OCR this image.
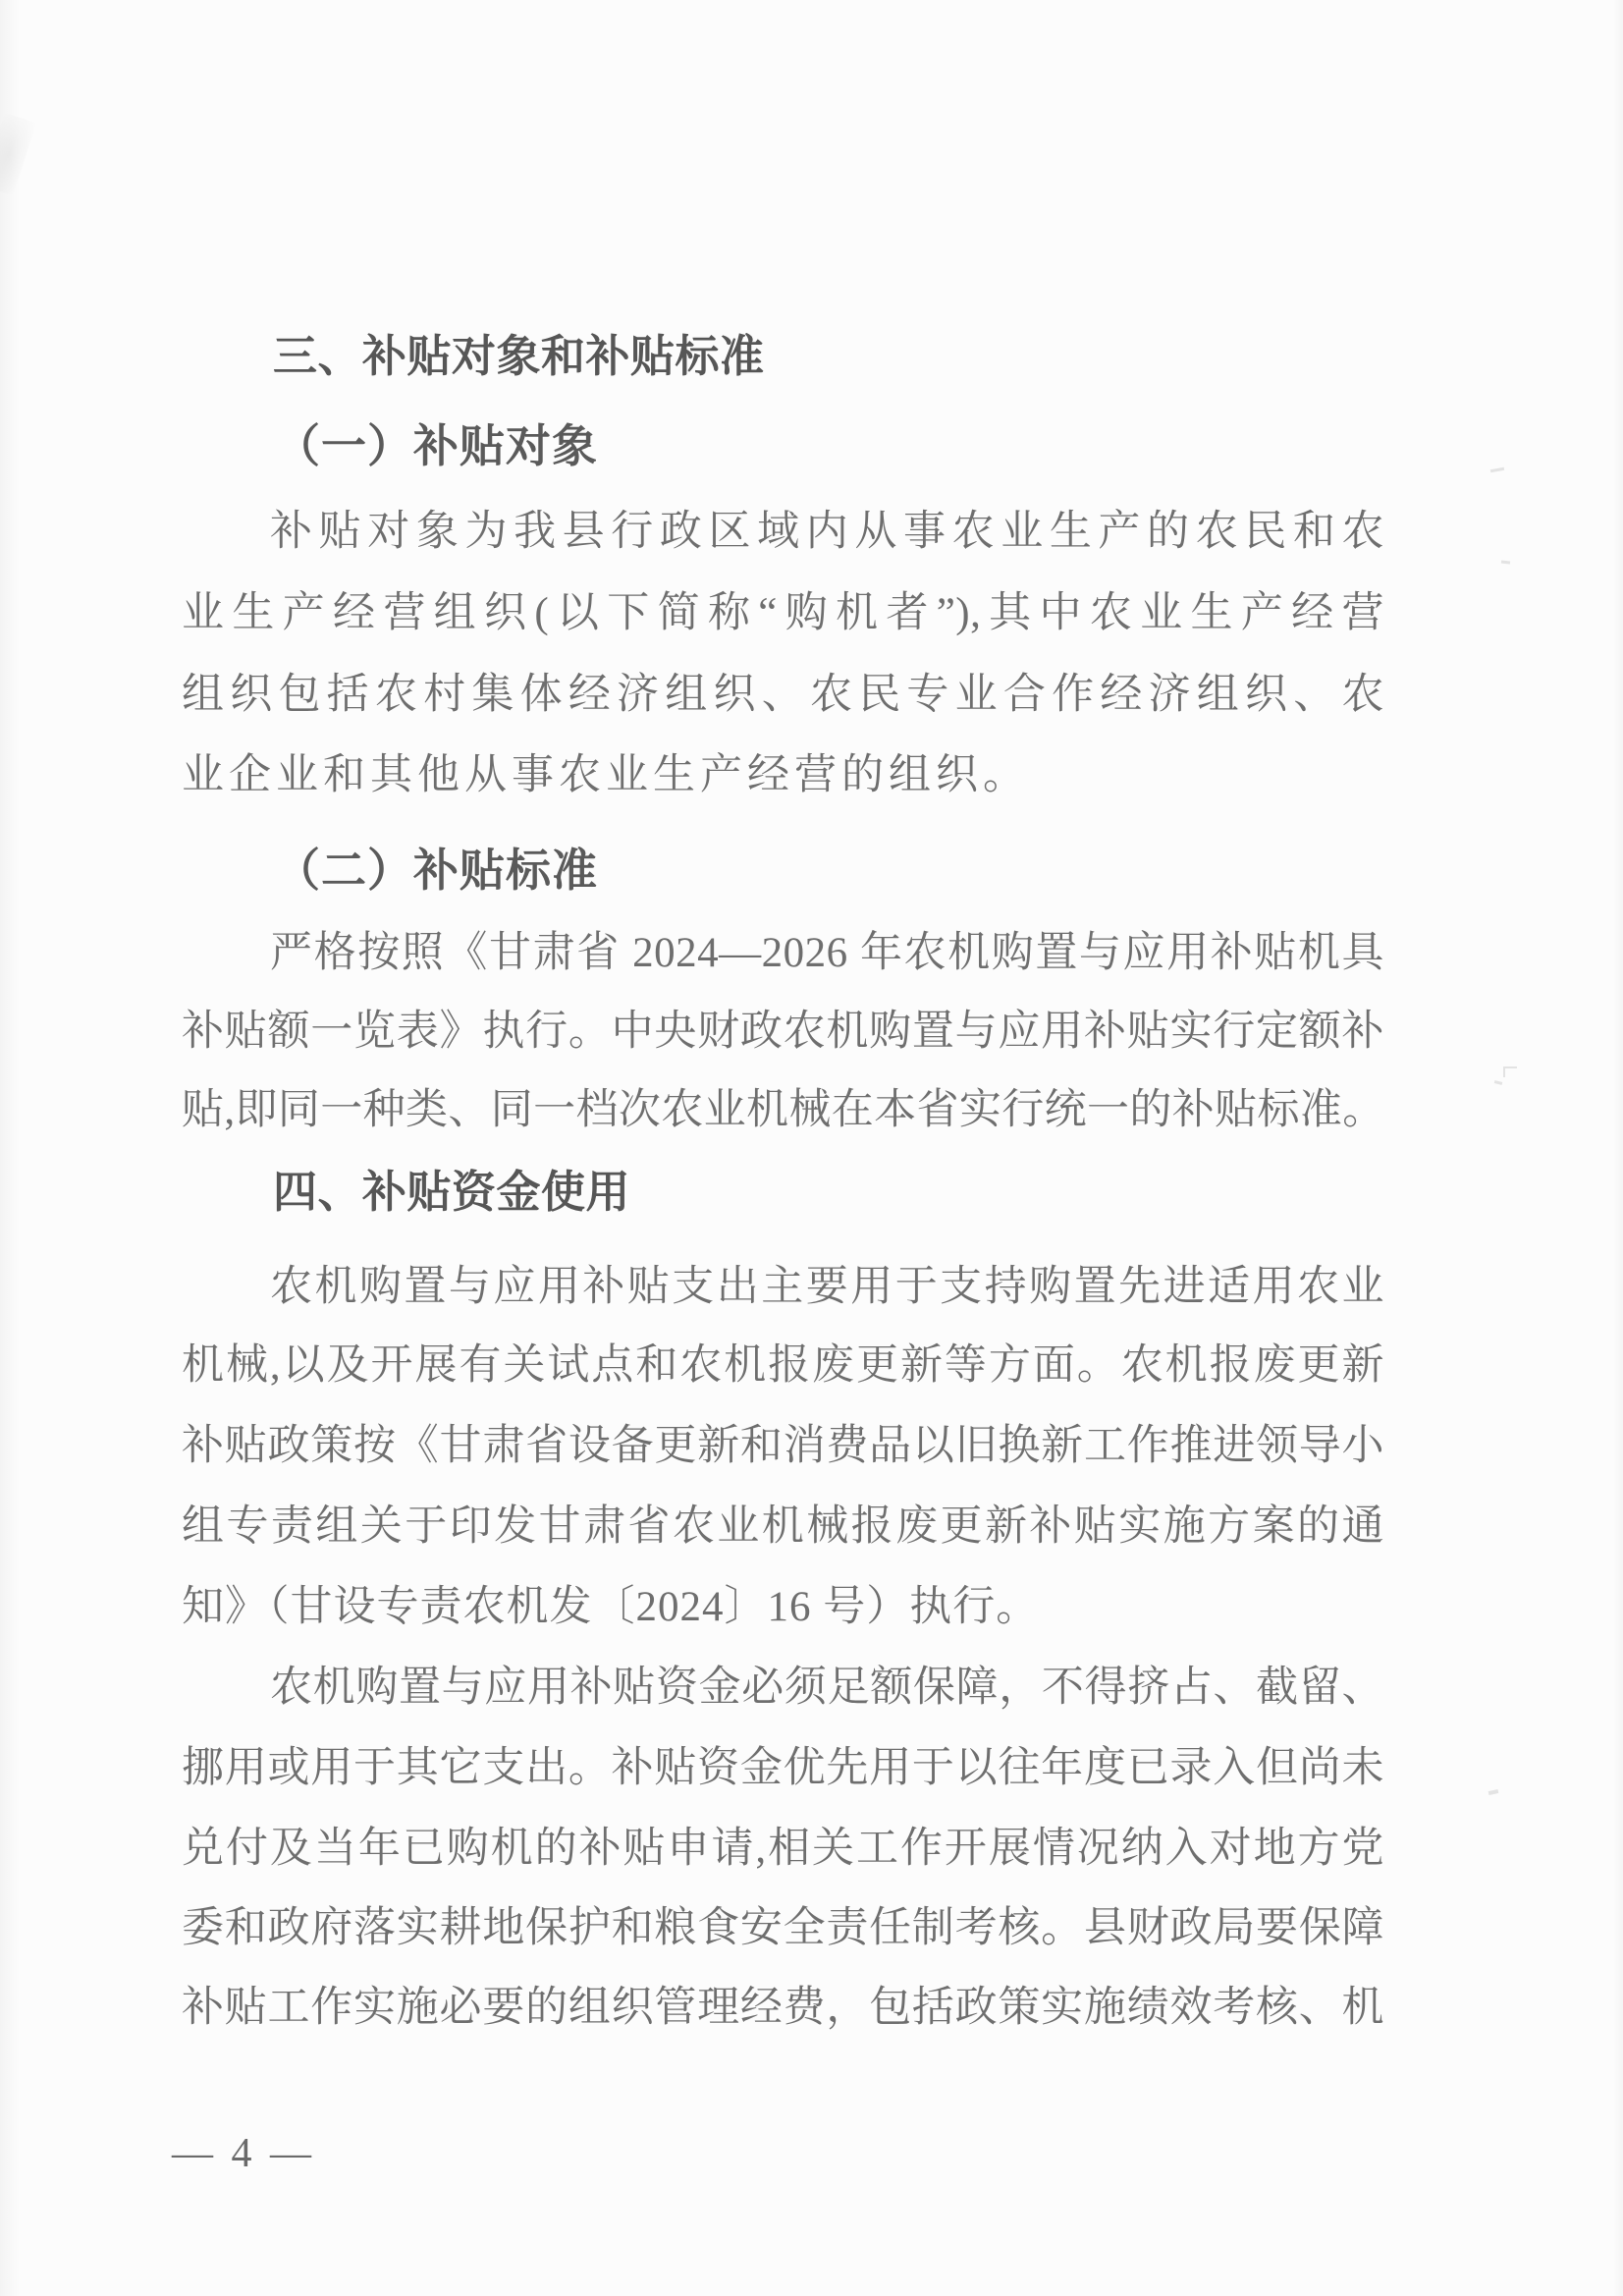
三、补贴对象和补贴标准
（一）补贴对象
补贴对象为我县行政区域内从事农业生产的农民和农
业生产经营组织(以下简称“购机者”),其中农业生产经营
组织包括农村集体经济组织、农民专业合作经济组织、农
业企业和其他从事农业生产经营的组织。
（二）补贴标准
严格按照《甘肃省 2024—2026 年农机购置与应用补贴机具
补贴额一览表》执行。中央财政农机购置与应用补贴实行定额补
贴,即同一种类、同一档次农业机械在本省实行统一的补贴标准。
四、补贴资金使用
农机购置与应用补贴支出主要用于支持购置先进适用农业
机械,以及开展有关试点和农机报废更新等方面。农机报废更新
补贴政策按《甘肃省设备更新和消费品以旧换新工作推进领导小
组专责组关于印发甘肃省农业机械报废更新补贴实施方案的通
知》（甘设专责农机发〔2024〕16 号）执行。
农机购置与应用补贴资金必须足额保障，不得挤占、截留、
挪用或用于其它支出。补贴资金优先用于以往年度已录入但尚未
兑付及当年已购机的补贴申请,相关工作开展情况纳入对地方党
委和政府落实耕地保护和粮食安全责任制考核。县财政局要保障
补贴工作实施必要的组织管理经费，包括政策实施绩效考核、机
— 4 —
